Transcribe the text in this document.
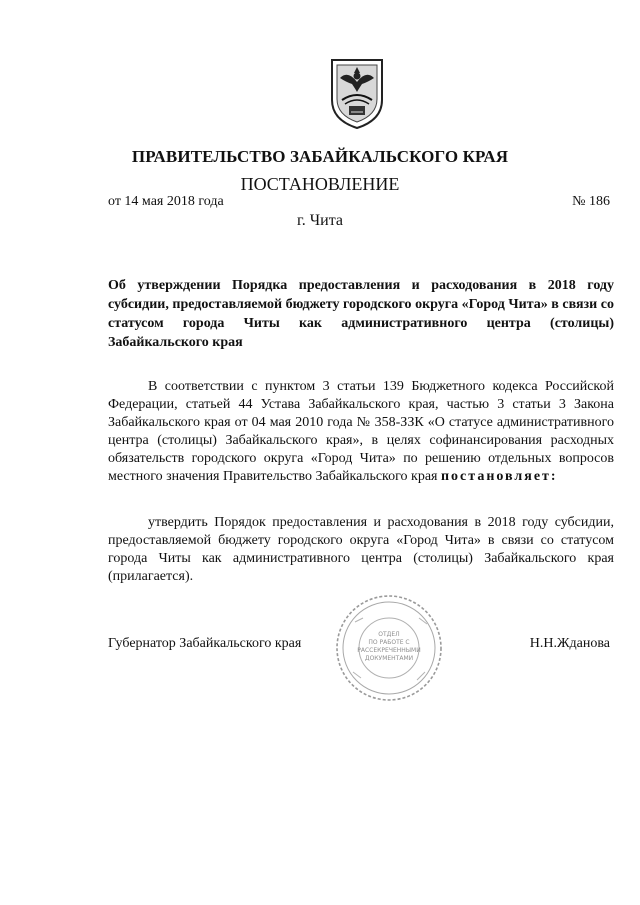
ПРАВИТЕЛЬСТВО ЗАБАЙКАЛЬСКОГО КРАЯ
ПОСТАНОВЛЕНИЕ
от 14 мая 2018 года	№ 186
г. Чита
Об утверждении Порядка предоставления и расходования в 2018 году субсидии, предоставляемой бюджету городского округа «Город Чита» в связи со статусом города Читы как административного центра (столицы) Забайкальского края

В соответствии с пунктом 3 статьи 139 Бюджетного кодекса Российской Федерации, статьей 44 Устава Забайкальского края, частью 3 статьи 3 Закона Забайкальского края от 04 мая 2010 года № 358-ЗЗК «О статусе административного центра (столицы) Забайкальского края», в целях софинансирования расходных обязательств городского округа «Город Чита» по решению отдельных вопросов местного значения Правительство Забайкальского края постановляет:

утвердить Порядок предоставления и расходования в 2018 году субсидии, предоставляемой бюджету городского округа «Город Чита» в связи со статусом города Читы как административного центра (столицы) Забайкальского края (прилагается).

Губернатор Забайкальского края	Н.Н.Жданова
ОТДЕЛ
ПО РАБОТЕ С
РАССЕКРЕЧЕННЫМИ
ДОКУМЕНТАМИ
